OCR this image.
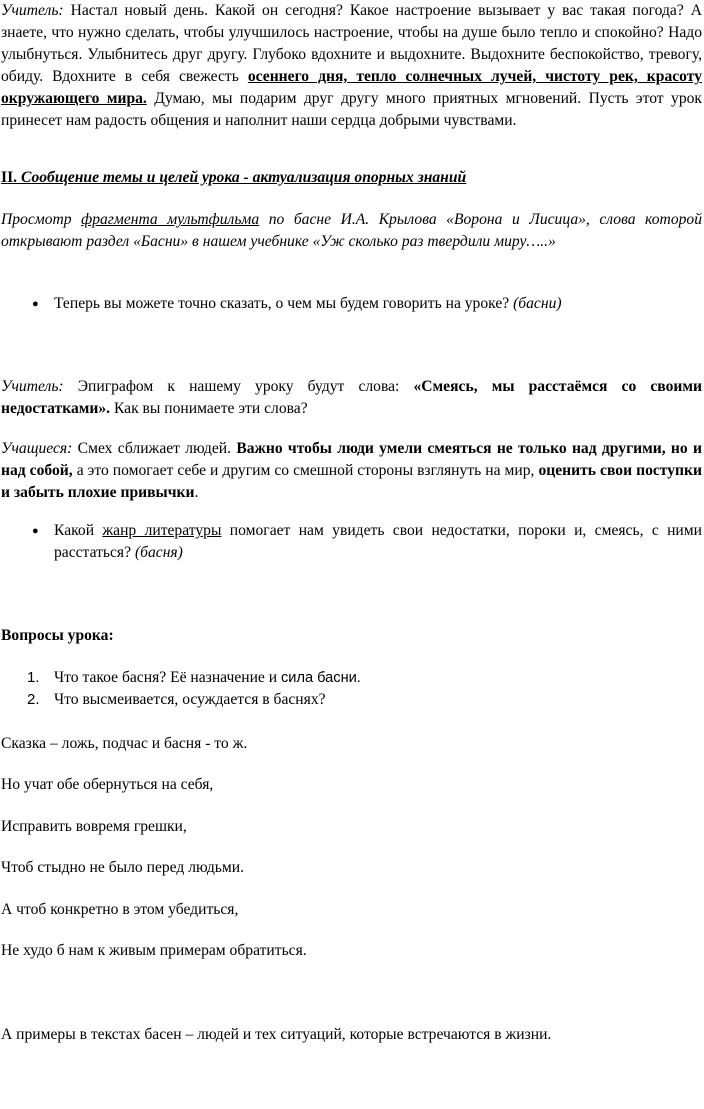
Учитель: Настал новый день. Какой он сегодня? Какое настроение вызывает у вас такая погода? А знаете, что нужно сделать, чтобы улучшилось настроение, чтобы на душе было тепло и спокойно? Надо улыбнуться. Улыбнитесь друг другу. Глубоко вдохните и выдохните. Выдохните беспокойство, тревогу, обиду. Вдохните в себя свежесть осеннего дня, тепло солнечных лучей, чистоту рек, красоту окружающего мира. Думаю, мы подарим друг другу много приятных мгновений. Пусть этот урок принесет нам радость общения и наполнит наши сердца добрыми чувствами.
II. Сообщение темы и целей урока - актуализация опорных знаний
Просмотр фрагмента мультфильма по басне И.А. Крылова «Ворона и Лисица», слова которой открывают раздел «Басни» в нашем учебнике «Уж сколько раз твердили миру…..»
● Теперь вы можете точно сказать, о чем мы будем говорить на уроке? (басни)
Учитель: Эпиграфом к нашему уроку будут слова: «Смеясь, мы расстаёмся со своими недостатками». Как вы понимаете эти слова?
Учащиеся: Смех сближает людей. Важно чтобы люди умели смеяться не только над другими, но и над собой, а это помогает себе и другим со смешной стороны взглянуть на мир, оценить свои поступки и забыть плохие привычки.
● Какой жанр литературы помогает нам увидеть свои недостатки, пороки и, смеясь, с ними расстаться? (басня)
Вопросы урока:
1. Что такое басня? Её назначение и сила басни.
2. Что высмеивается, осуждается в баснях?
Сказка – ложь, подчас и басня - то ж.
Но учат обе обернуться на себя,
Исправить вовремя грешки,
Чтоб стыдно не было перед людьми.
А чтоб конкретно в этом убедиться,
Не худо б нам к живым примерам обратиться.
А примеры в текстах басен – людей и тех ситуаций, которые встречаются в жизни.
